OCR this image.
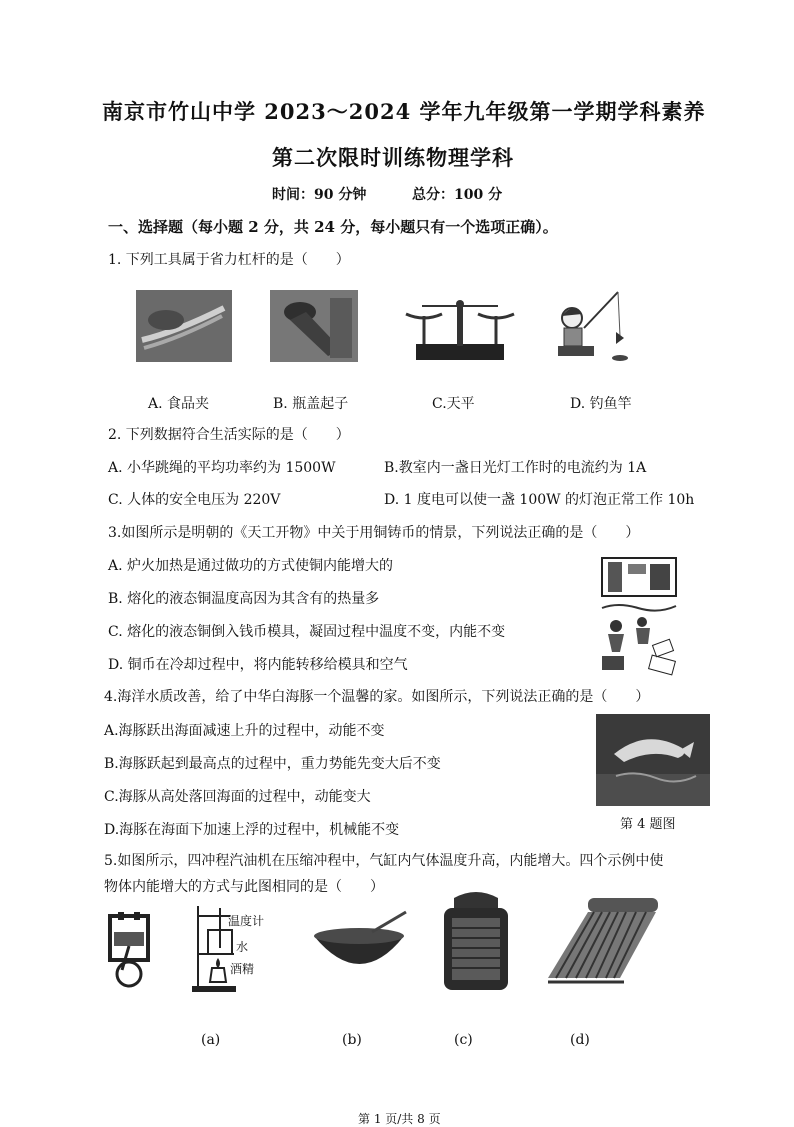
南京市竹山中学 2023～2024 学年九年级第一学期学科素养
第二次限时训练物理学科
时间：90 分钟	总分：100 分
一、选择题（每小题 2 分，共 24 分，每小题只有一个选项正确）。
1. 下列工具属于省力杠杆的是（　　）
A. 食品夹	B. 瓶盖起子	C.天平	D. 钓鱼竿
2. 下列数据符合生活实际的是（　　）
A. 小华跳绳的平均功率约为 1500W	B.教室内一盏日光灯工作时的电流约为 1A
C. 人体的安全电压为 220V	D. 1 度电可以使一盏 100W 的灯泡正常工作 10h
3.如图所示是明朝的《天工开物》中关于用铜铸币的情景，下列说法正确的是（　　）
A. 炉火加热是通过做功的方式使铜内能增大的
B. 熔化的液态铜温度高因为其含有的热量多
C. 熔化的液态铜倒入钱币模具，凝固过程中温度不变，内能不变
D. 铜币在冷却过程中，将内能转移给模具和空气
4.海洋水质改善，给了中华白海豚一个温馨的家。如图所示，下列说法正确的是（　　）
A.海豚跃出海面减速上升的过程中，动能不变
B.海豚跃起到最高点的过程中，重力势能先变大后不变
C.海豚从高处落回海面的过程中，动能变大
D.海豚在海面下加速上浮的过程中，机械能不变	第 4 题图
5.如图所示，四冲程汽油机在压缩冲程中，气缸内气体温度升高，内能增大。四个示例中使
物体内能增大的方式与此图相同的是（　　）
温度计
水
酒精
(a)	(b)	(c)	(d)
第 1 页/共 8 页
